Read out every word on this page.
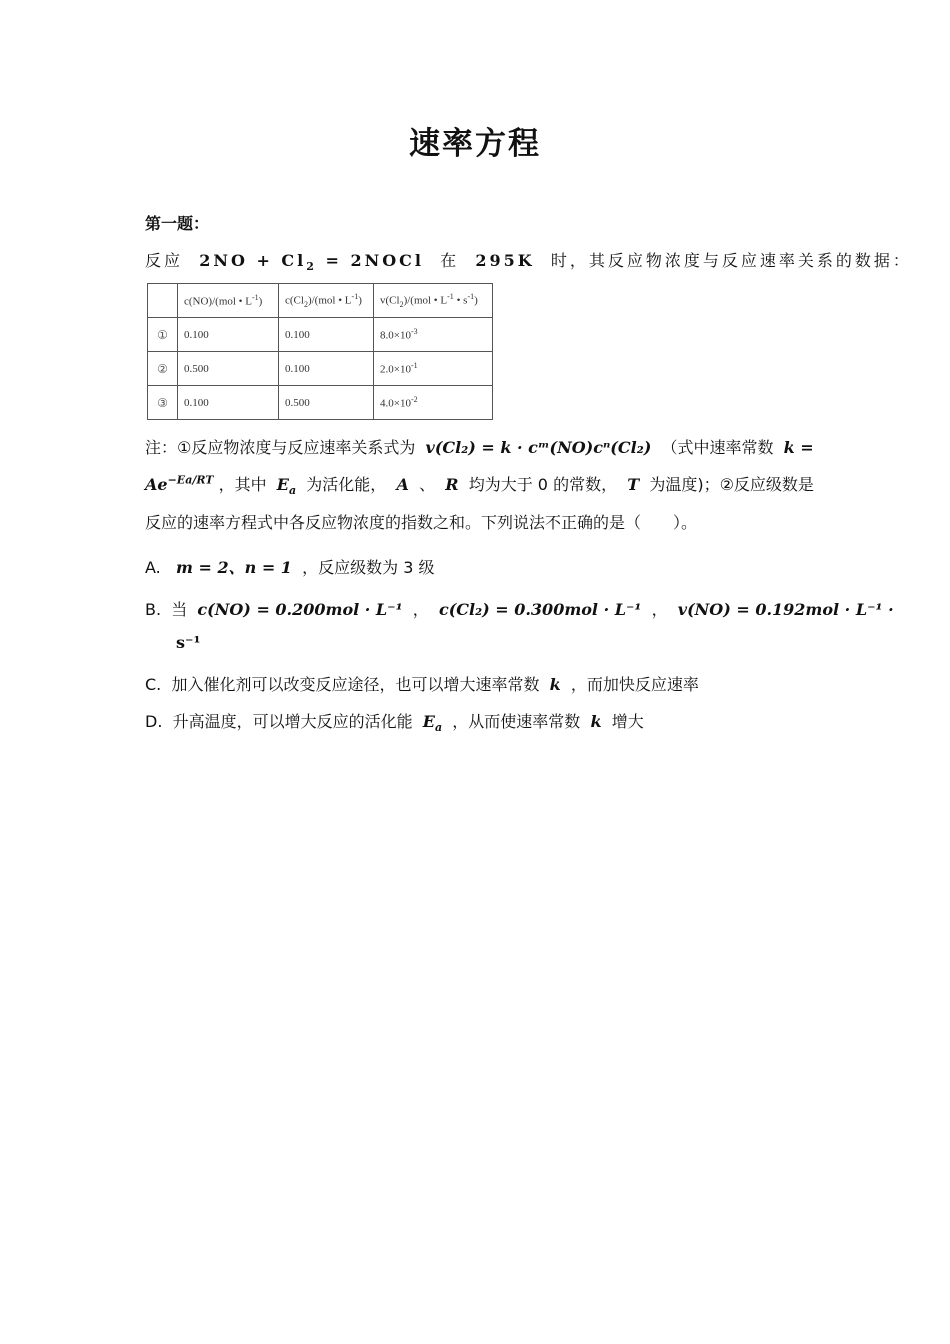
速率方程
第一题：
反应 $2NO + Cl_2$ = 2NOCl 在 295K 时，其反应物浓度与反应速率关系的数据：
	c(NO)/(mol • $L^{-1}$)	$c(Cl_2)/(mol$ • $L^{-1}$)	$v(Cl_2)/(mol$ • $L^{-1}$ • $s^{-1}$)
①	0.100	0.100	$8.0\times 10^{-3}$
②	0.500	0.100	$2.0\times 10^{-1}$
③	0.100	0.500	$4.0\times 10^{-2}$
注：①反应物浓度与反应速率关系式为 v(Cl₂) = k · cᵐ(NO)cⁿ(Cl₂) （式中速率常数 k =
$Ae^{-Ea/RT}$ ，其中 $E_a$ 为活化能， A 、 R 均为大于 0 的常数， T 为温度)；②反应级数是
反应的速率方程式中各反应物浓度的指数之和。下列说法不正确的是（　　）。
A. m = 2、n = 1 ，反应级数为 3 级
B. 当 c(NO) = 0.200mol · L⁻¹ ， c(Cl₂) = 0.300mol · L⁻¹ ， v(NO) = 0.192mol · L⁻¹ ·
s⁻¹
C. 加入催化剂可以改变反应途径，也可以增大速率常数 k ，而加快反应速率
D. 升高温度，可以增大反应的活化能 $E_a$ ，从而使速率常数 k 增大
